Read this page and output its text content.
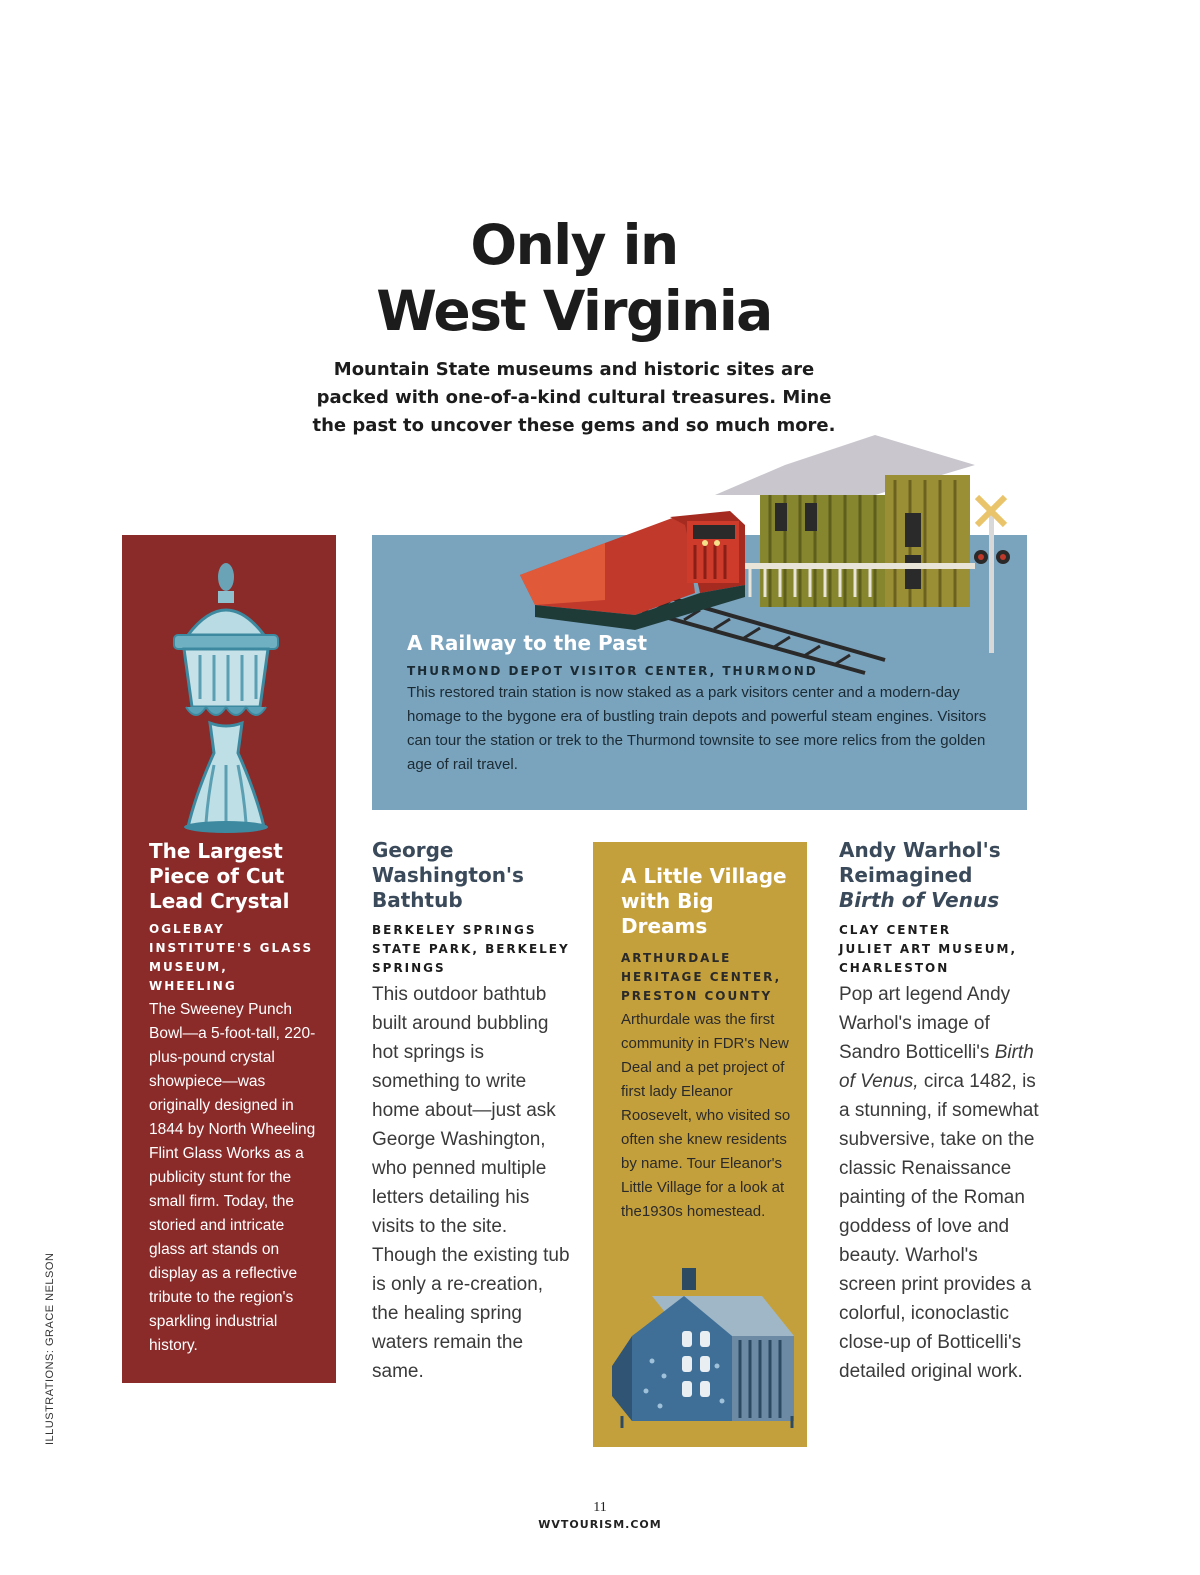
Only in
West Virginia

Mountain State museums and historic sites are packed with one-of-a-kind cultural treasures. Mine the past to uncover these gems and so much more.

The Largest Piece of Cut Lead Crystal

OGLEBAY INSTITUTE'S GLASS MUSEUM, WHEELING

The Sweeney Punch Bowl—a 5-foot-tall, 220-plus-pound crystal showpiece—was originally designed in 1844 by North Wheeling Flint Glass Works as a publicity stunt for the small firm. Today, the storied and intricate glass art stands on display as a reflective tribute to the region's sparkling industrial history.

A Railway to the Past

THURMOND DEPOT VISITOR CENTER, THURMOND

This restored train station is now staked as a park visitors center and a modern-day homage to the bygone era of bustling train depots and powerful steam engines. Visitors can tour the station or trek to the Thurmond townsite to see more relics from the golden age of rail travel.

George Washington's Bathtub

BERKELEY SPRINGS STATE PARK, BERKELEY SPRINGS

This outdoor bathtub built around bubbling hot springs is something to write home about—just ask George Washington, who penned multiple letters detailing his visits to the site. Though the existing tub is only a re-creation, the healing spring waters remain the same.

A Little Village with Big Dreams

ARTHURDALE HERITAGE CENTER, PRESTON COUNTY

Arthurdale was the first community in FDR's New Deal and a pet project of first lady Eleanor Roosevelt, who visited so often she knew residents by name. Tour Eleanor's Little Village for a look at the1930s homestead.

Andy Warhol's Reimagined
Birth of Venus

CLAY CENTER
JULIET ART MUSEUM, CHARLESTON

Pop art legend Andy Warhol's image of Sandro Botticelli's Birth of Venus, circa 1482, is a stunning, if somewhat subversive, take on the classic Renaissance painting of the Roman goddess of love and beauty. Warhol's screen print provides a colorful, iconoclastic close-up of Botticelli's detailed original work.

ILLUSTRATIONS: GRACE NELSON
11
WVTOURISM.COM
